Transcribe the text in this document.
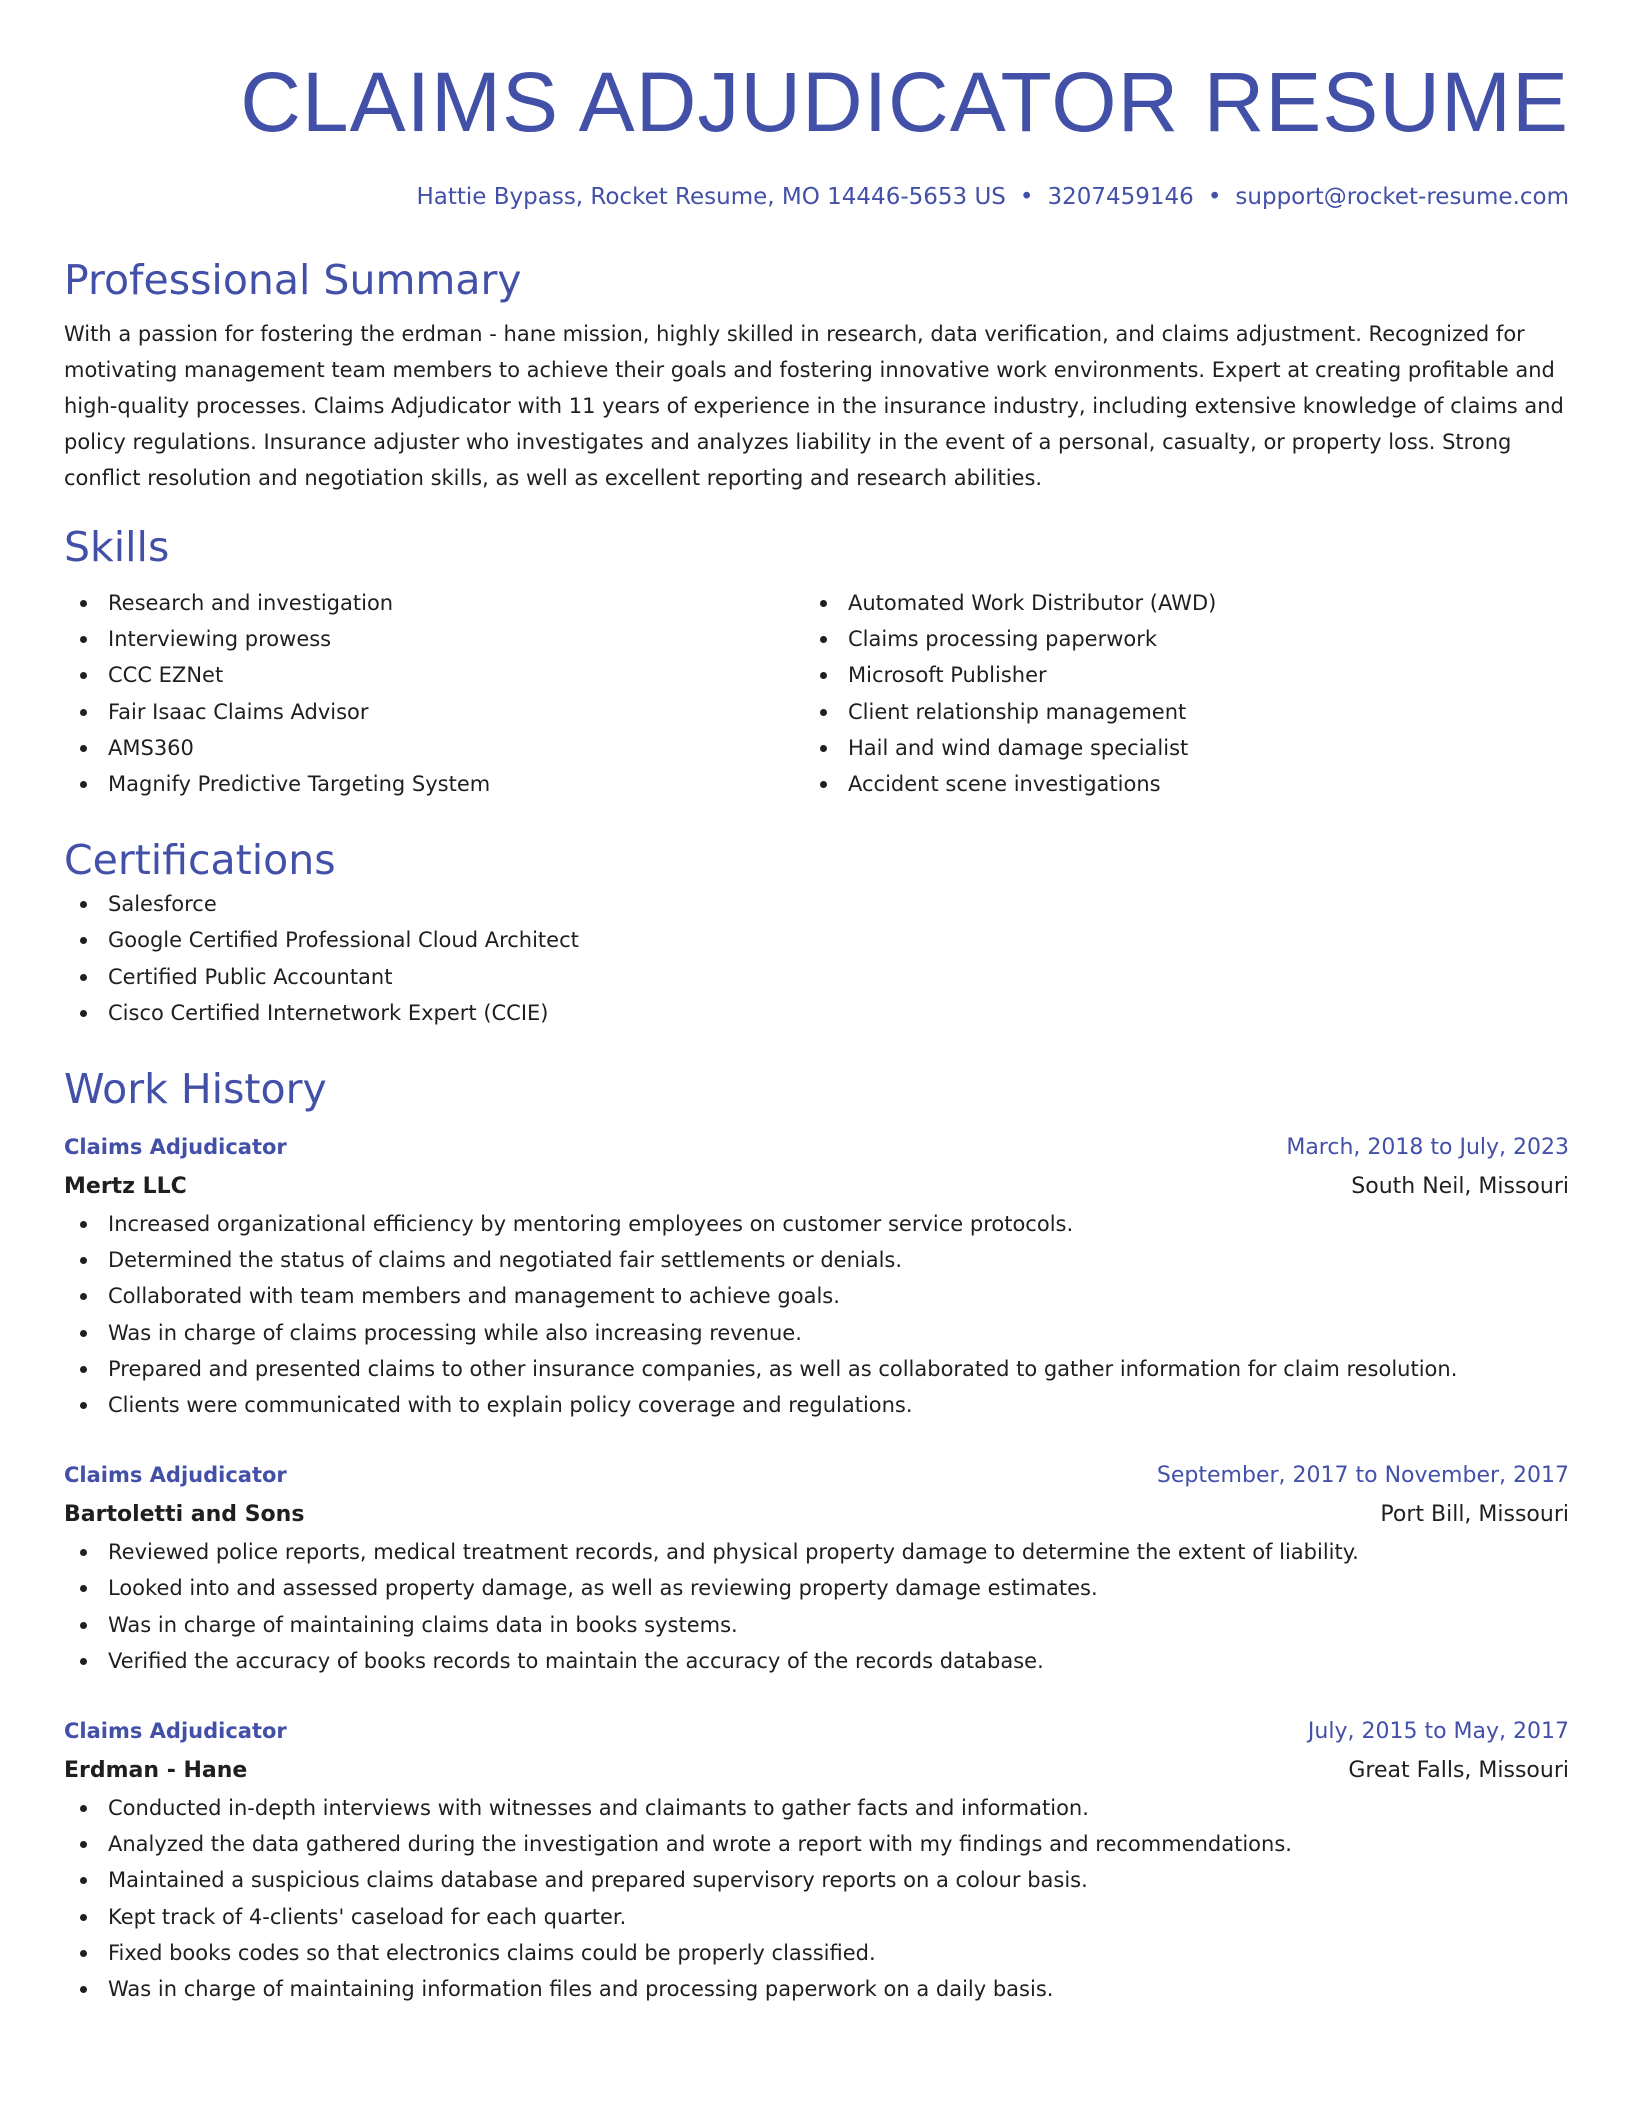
CLAIMS ADJUDICATOR RESUME
Hattie Bypass, Rocket Resume, MO 14446-5653 US • 3207459146 • support@rocket-resume.com
Professional Summary

With a passion for fostering the erdman - hane mission, highly skilled in research, data verification, and claims adjustment. Recognized for motivating management team members to achieve their goals and fostering innovative work environments. Expert at creating profitable and high-quality processes. Claims Adjudicator with 11 years of experience in the insurance industry, including extensive knowledge of claims and policy regulations. Insurance adjuster who investigates and analyzes liability in the event of a personal, casualty, or property loss. Strong conflict resolution and negotiation skills, as well as excellent reporting and research abilities.

Skills
Research and investigation
Interviewing prowess
CCC EZNet
Fair Isaac Claims Advisor
AMS360
Magnify Predictive Targeting System
Automated Work Distributor (AWD)
Claims processing paperwork
Microsoft Publisher
Client relationship management
Hail and wind damage specialist
Accident scene investigations
Certifications
Salesforce
Google Certified Professional Cloud Architect
Certified Public Accountant
Cisco Certified Internetwork Expert (CCIE)
Work History
Claims Adjudicator	March, 2018 to July, 2023
Mertz LLC	South Neil, Missouri
Increased organizational efficiency by mentoring employees on customer service protocols.
Determined the status of claims and negotiated fair settlements or denials.
Collaborated with team members and management to achieve goals.
Was in charge of claims processing while also increasing revenue.
Prepared and presented claims to other insurance companies, as well as collaborated to gather information for claim resolution.
Clients were communicated with to explain policy coverage and regulations.
Claims Adjudicator	September, 2017 to November, 2017
Bartoletti and Sons	Port Bill, Missouri
Reviewed police reports, medical treatment records, and physical property damage to determine the extent of liability.
Looked into and assessed property damage, as well as reviewing property damage estimates.
Was in charge of maintaining claims data in books systems.
Verified the accuracy of books records to maintain the accuracy of the records database.
Claims Adjudicator	July, 2015 to May, 2017
Erdman - Hane	Great Falls, Missouri
Conducted in-depth interviews with witnesses and claimants to gather facts and information.
Analyzed the data gathered during the investigation and wrote a report with my findings and recommendations.
Maintained a suspicious claims database and prepared supervisory reports on a colour basis.
Kept track of 4-clients' caseload for each quarter.
Fixed books codes so that electronics claims could be properly classified.
Was in charge of maintaining information files and processing paperwork on a daily basis.
